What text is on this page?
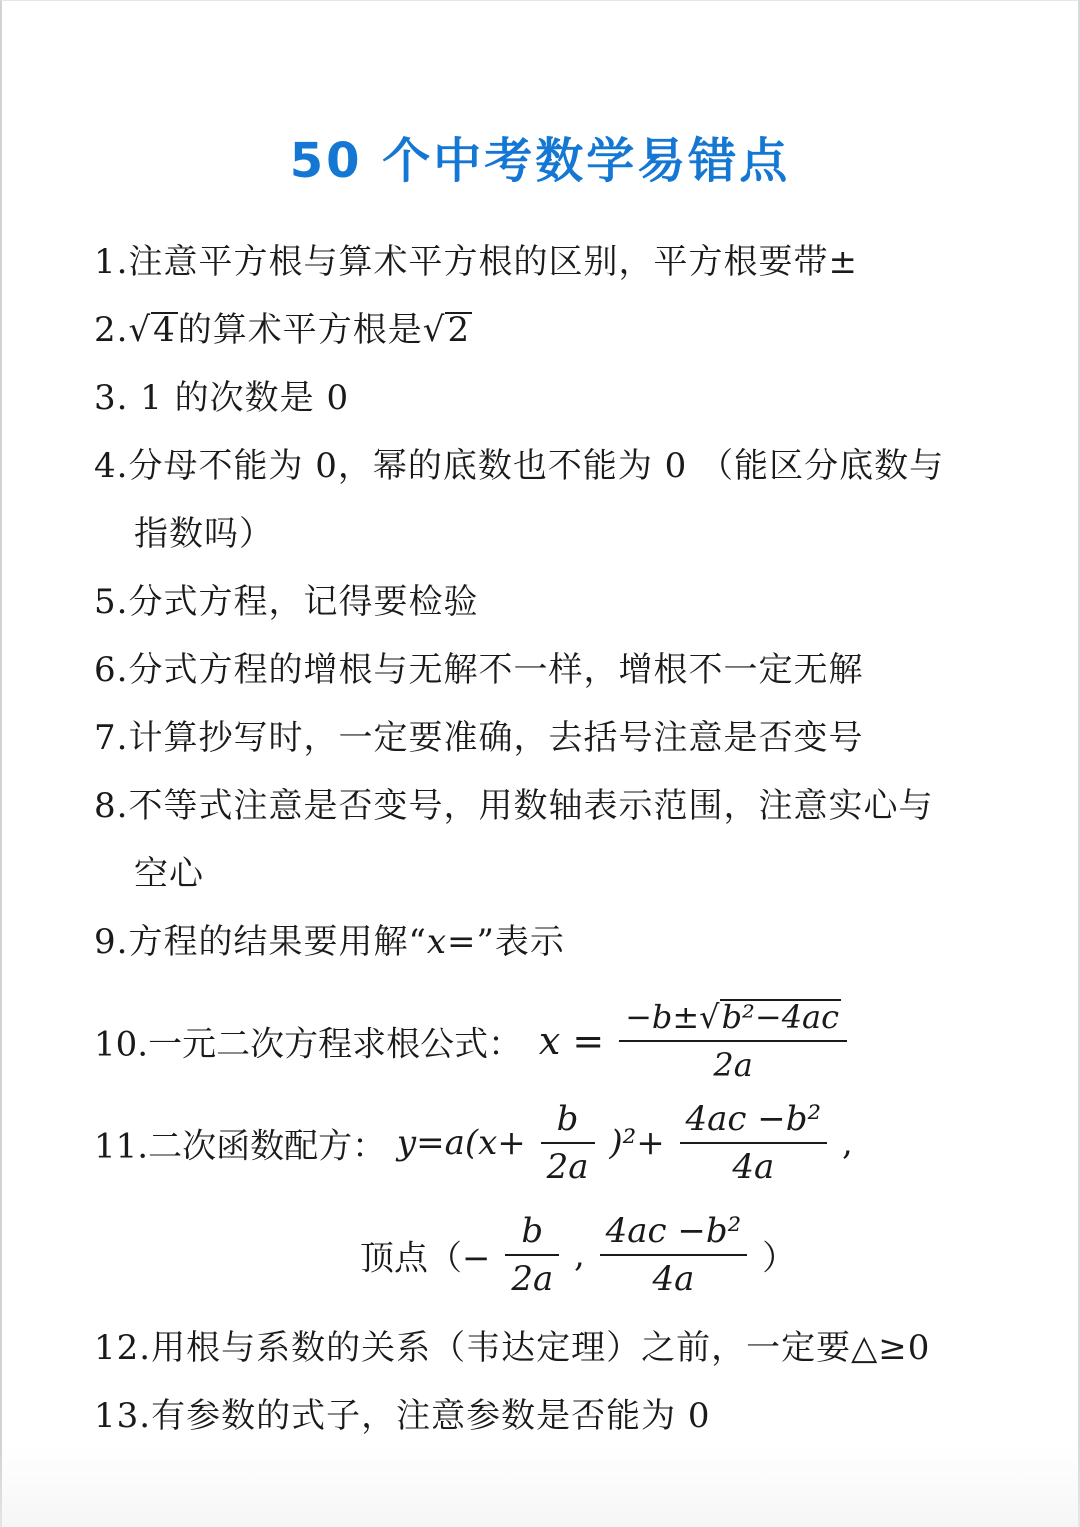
50 个中考数学易错点
1.注意平方根与算术平方根的区别，平方根要带±
2.√4的算术平方根是√2
3. 1 的次数是 0
4.分母不能为 0，幂的底数也不能为 0 （能区分底数与
指数吗）
5.分式方程，记得要检验
6.分式方程的增根与无解不一样，增根不一定无解
7.计算抄写时，一定要准确，去括号注意是否变号
8.不等式注意是否变号，用数轴表示范围，注意实心与
空心
9.方程的结果要用解“x=”表示
10.一元二次方程求根公式： $x = \frac{\text{−b±√b²−4ac}}{2a}$
11.二次函数配方： $y=a(x+ \frac{b}{2a} )^2+ \frac{\text{4ac −b²}}{4a}$ ,
顶点（− $\frac{b}{2a}$ , $\frac{\text{4ac −b²}}{4a}$ ）
12.用根与系数的关系（韦达定理）之前，一定要△≥0
13.有参数的式子，注意参数是否能为 0
